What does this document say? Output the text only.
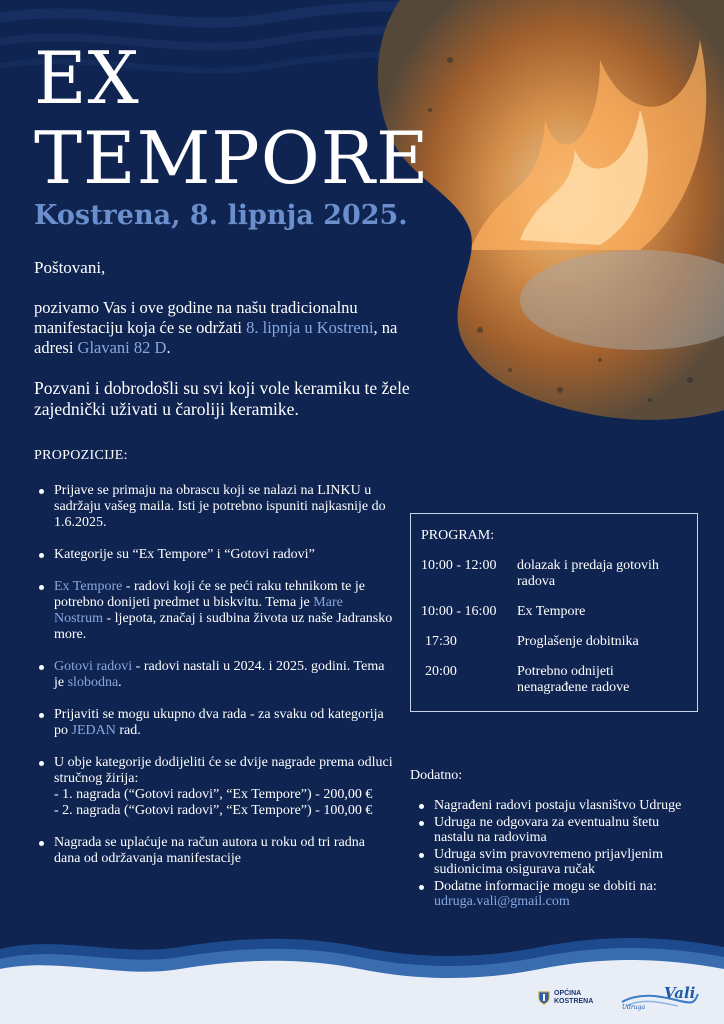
EX
TEMPORE
Kostrena, 8. lipnja 2025.

Poštovani,

pozivamo Vas i ove godine na našu tradicionalnu manifestaciju koja će se održati 8. lipnja u Kostreni, na adresi Glavani 82 D.

Pozvani i dobrodošli su svi koji vole keramiku te žele zajednički uživati u čaroliji keramike.

PROPOZICIJE:
Prijave se primaju na obrascu koji se nalazi na LINKU u sadržaju vašeg maila. Isti je potrebno ispuniti najkasnije do 1.6.2025.
Kategorije su “Ex Tempore” i “Gotovi radovi”
Ex Tempore - radovi koji će se peći raku tehnikom te je potrebno donijeti predmet u biskvitu. Tema je Mare Nostrum - ljepota, značaj i sudbina života uz naše Jadransko more.
Gotovi radovi - radovi nastali u 2024. i 2025. godini. Tema je slobodna.
Prijaviti se mogu ukupno dva rada - za svaku od kategorija po JEDAN rad.
U obje kategorije dodijeliti će se dvije nagrade prema odluci stručnog žirija:
- 1. nagrada (“Gotovi radovi”, “Ex Tempore”) - 200,00 €
- 2. nagrada (“Gotovi radovi”, “Ex Tempore”) - 100,00 €
Nagrada se uplaćuje na račun autora u roku od tri radna dana od održavanja manifestacije
PROGRAM:
10:00 - 12:00	dolazak i predaja gotovih radova
10:00 - 16:00	Ex Tempore
17:30	Proglašenje dobitnika
20:00	Potrebno odnijeti nenagrađene radove
Dodatno:
Nagrađeni radovi postaju vlasništvo Udruge
Udruga ne odgovara za eventualnu štetu nastalu na radovima
Udruga svim pravovremeno prijavljenim sudionicima osigurava ručak
Dodatne informacije mogu se dobiti na: udruga.vali@gmail.com
OPĆINA
KOSTRENA	Vali
Udruga
